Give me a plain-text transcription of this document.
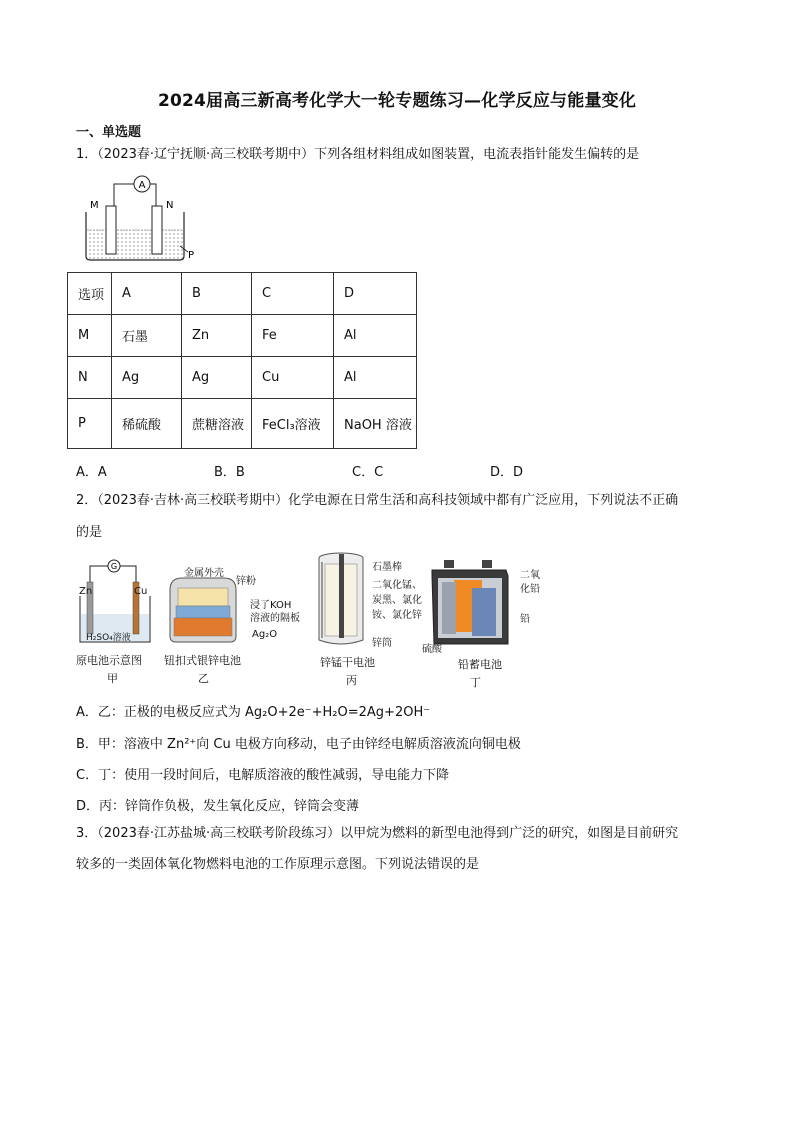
2024届高三新高考化学大一轮专题练习—化学反应与能量变化
一、单选题
1．（2023春·辽宁抚顺·高三校联考期中）下列各组材料组成如图装置，电流表指针能发生偏转的是
A
M	N
P
选项	A	B	C	D
M	石墨	Zn	Fe	Al
N	Ag	Ag	Cu	Al
P	稀硫酸	蔗糖溶液	FeCl₃溶液	NaOH 溶液
A．A	B．B	C．C	D．D
2．（2023春·吉林·高三校联考期中）化学电源在日常生活和高科技领域中都有广泛应用，下列说法不正确
的是
G
Zn	Cu
H₂SO₄溶液
原电池示意图
甲
金属外壳
锌粉
浸了KOH
溶液的隔板
Ag₂O
钮扣式银锌电池
乙
石墨棒
二氧化锰、
炭黑、氯化
铵、氯化锌
锌筒
锌锰干电池
丙
二氧
化铅
铅
硫酸
铅蓄电池
丁
A．乙：正极的电极反应式为 Ag₂O+2e⁻+H₂O=2Ag+2OH⁻
B．甲：溶液中 Zn²⁺向 Cu 电极方向移动，电子由锌经电解质溶液流向铜电极
C．丁：使用一段时间后，电解质溶液的酸性减弱，导电能力下降
D．丙：锌筒作负极，发生氧化反应，锌筒会变薄
3．（2023春·江苏盐城·高三校联考阶段练习）以甲烷为燃料的新型电池得到广泛的研究，如图是目前研究
较多的一类固体氧化物燃料电池的工作原理示意图。下列说法错误的是
